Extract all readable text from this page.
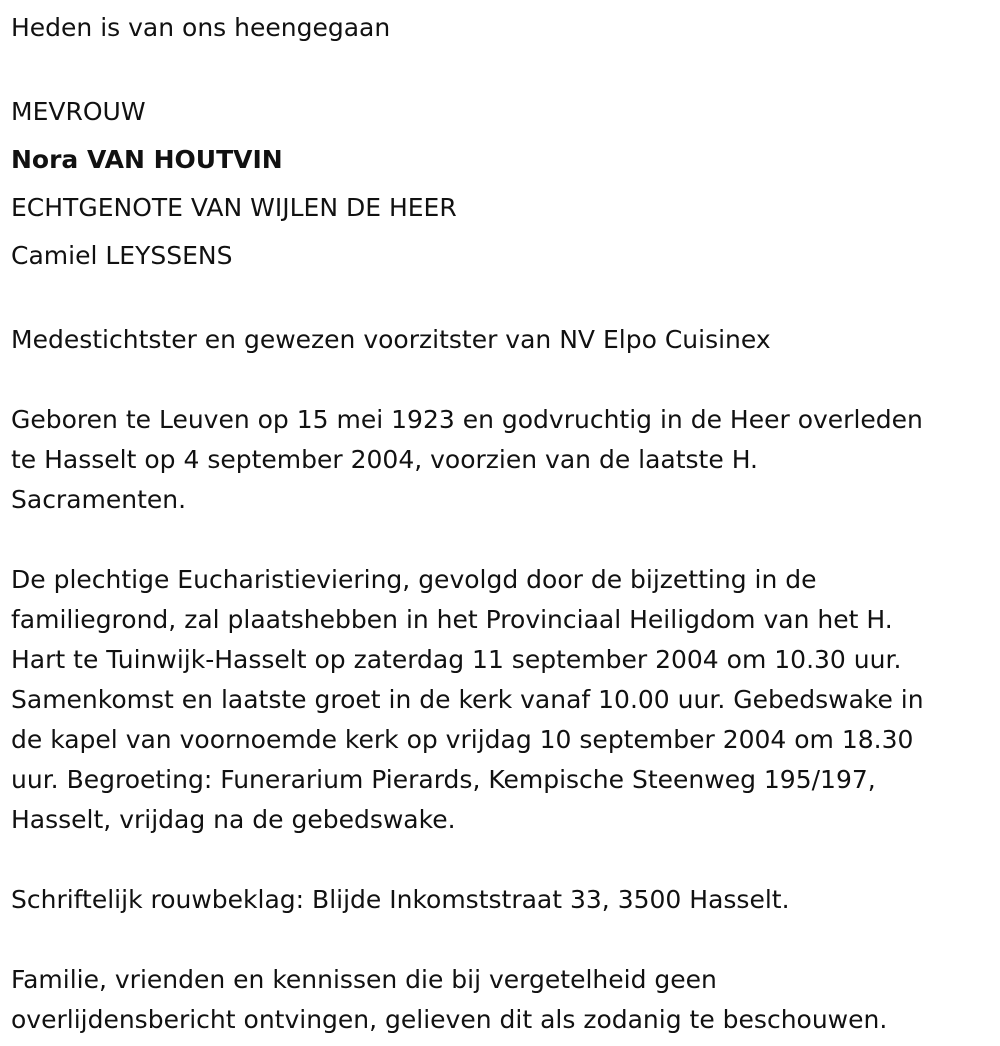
Heden is van ons heengegaan

MEVROUW

Nora VAN HOUTVIN

ECHTGENOTE VAN WIJLEN DE HEER

Camiel LEYSSENS

Medestichtster en gewezen voorzitster van NV Elpo Cuisinex

Geboren te Leuven op 15 mei 1923 en godvruchtig in de Heer overleden

te Hasselt op 4 september 2004, voorzien van de laatste H.

Sacramenten.

De plechtige Eucharistieviering, gevolgd door de bijzetting in de

familiegrond, zal plaatshebben in het Provinciaal Heiligdom van het H.

Hart te Tuinwijk-Hasselt op zaterdag 11 september 2004 om 10.30 uur.

Samenkomst en laatste groet in de kerk vanaf 10.00 uur. Gebedswake in

de kapel van voornoemde kerk op vrijdag 10 september 2004 om 18.30

uur. Begroeting: Funerarium Pierards, Kempische Steenweg 195/197,

Hasselt, vrijdag na de gebedswake.

Schriftelijk rouwbeklag: Blijde Inkomststraat 33, 3500 Hasselt.

Familie, vrienden en kennissen die bij vergetelheid geen

overlijdensbericht ontvingen, gelieven dit als zodanig te beschouwen.
